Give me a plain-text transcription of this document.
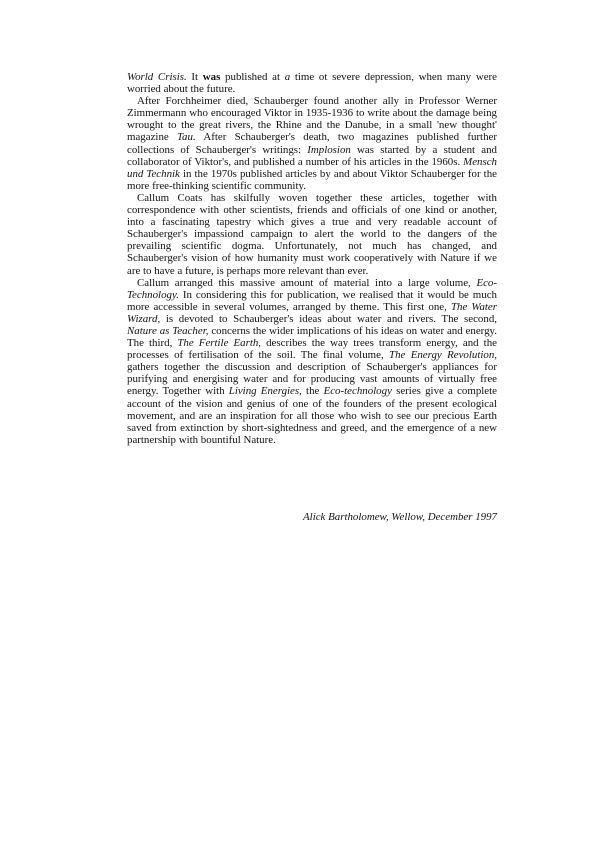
World Crisis. It was published at a time ot severe depression, when many were worried about the future.

After Forchheimer died, Schauberger found another ally in Professor Werner Zimmermann who encouraged Viktor in 1935-1936 to write about the damage being wrought to the great rivers, the Rhine and the Danube, in a small 'new thought' magazine Tau. After Schauberger's death, two magazines published further collections of Schauberger's writings: Implosion was started by a student and collaborator of Viktor's, and published a number of his articles in the 1960s. Mensch und Technik in the 1970s published articles by and about Viktor Schauberger for the more free-thinking scientific community.

Callum Coats has skilfully woven together these articles, together with correspondence with other scientists, friends and officials of one kind or another, into a fascinating tapestry which gives a true and very readable account of Schauberger's impassiond campaign to alert the world to the dangers of the prevailing scientific dogma. Unfortunately, not much has changed, and Schauberger's vision of how humanity must work cooperatively with Nature if we are to have a future, is perhaps more relevant than ever.

Callum arranged this massive amount of material into a large volume, Eco-Technology. In considering this for publication, we realised that it would be much more accessible in several volumes, arranged by theme. This first one, The Water Wizard, is devoted to Schauberger's ideas about water and rivers. The second, Nature as Teacher, concerns the wider implications of his ideas on water and energy. The third, The Fertile Earth, describes the way trees transform energy, and the processes of fertilisation of the soil. The final volume, The Energy Revolution, gathers together the discussion and description of Schauberger's appliances for purifying and energising water and for producing vast amounts of virtually free energy. Together with Living Energies, the Eco-technology series give a complete account of the vision and genius of one of the founders of the present ecological movement, and are an inspiration for all those who wish to see our precious Earth saved from extinction by short-sightedness and greed, and the emergence of a new partnership with bountiful Nature.

Alick Bartholomew, Wellow, December 1997
